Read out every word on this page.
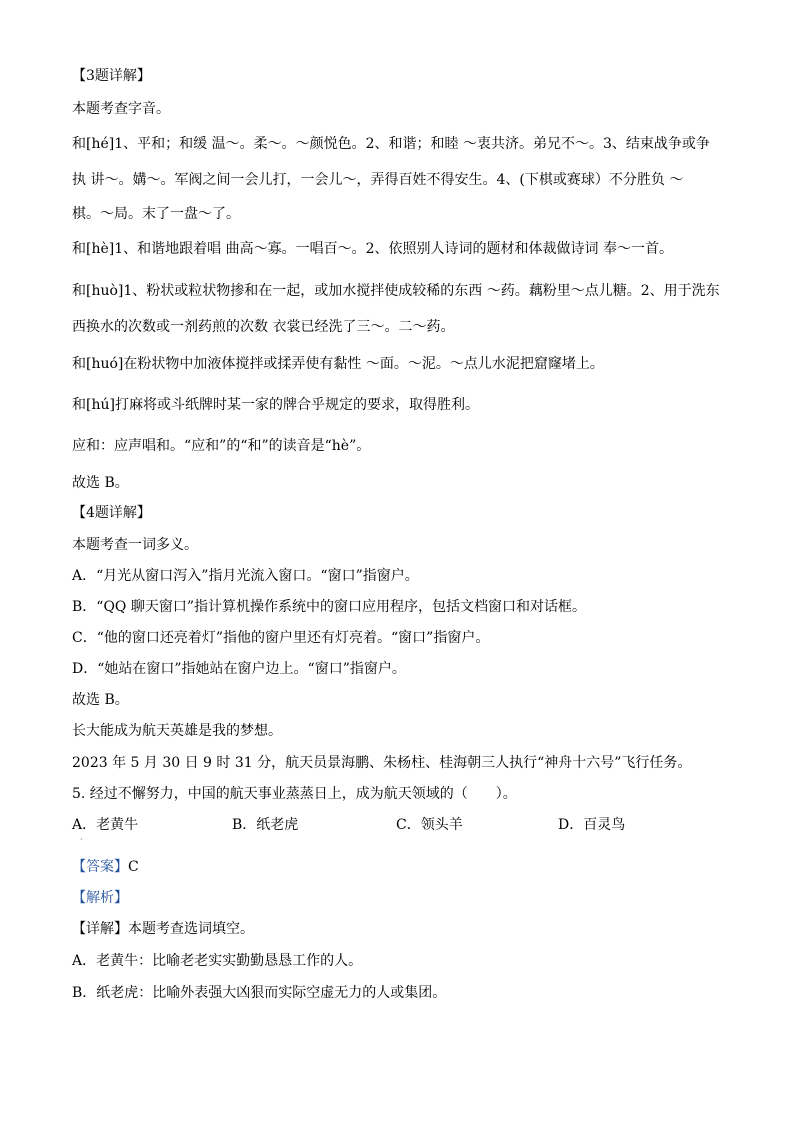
【3题详解】
本题考查字音。
和[hé]1、平和；和缓 温～。柔～。～颜悦色。2、和谐；和睦 ～衷共济。弟兄不～。3、结束战争或争
执 讲～。媾～。军阀之间一会儿打，一会儿～，弄得百姓不得安生。4、(下棋或赛球）不分胜负 ～
棋。～局。末了一盘～了。
和[hè]1、和谐地跟着唱 曲高～寡。一唱百～。2、依照别人诗词的题材和体裁做诗词 奉～一首。
和[huò]1、粉状或粒状物掺和在一起，或加水搅拌使成较稀的东西 ～药。藕粉里～点儿糖。2、用于洗东
西换水的次数或一剂药煎的次数 衣裳已经洗了三～。二～药。
和[huó]在粉状物中加液体搅拌或揉弄使有黏性 ～面。～泥。～点儿水泥把窟窿堵上。
和[hú]打麻将或斗纸牌时某一家的牌合乎规定的要求，取得胜利。
应和：应声唱和。“应和”的“和”的读音是“hè”。
故选 B。
【4题详解】
本题考查一词多义。
A．“月光从窗口泻入”指月光流入窗口。“窗口”指窗户。
B．“QQ 聊天窗口”指计算机操作系统中的窗口应用程序，包括文档窗口和对话框。
C．“他的窗口还亮着灯”指他的窗户里还有灯亮着。“窗口”指窗户。
D．“她站在窗口”指她站在窗户边上。“窗口”指窗户。
故选 B。
长大能成为航天英雄是我的梦想。
2023 年 5 月 30 日 9 时 31 分，航天员景海鹏、朱杨柱、桂海朝三人执行“神舟十六号”飞行任务。
5. 经过不懈努力，中国的航天事业蒸蒸日上，成为航天领域的（　　）。
A．老黄牛	B．纸老虎	C．领头羊	D．百灵鸟
·
【答案】C
【解析】
【详解】本题考查选词填空。
A．老黄牛：比喻老老实实勤勤恳恳工作的人。
B．纸老虎：比喻外表强大凶狠而实际空虚无力的人或集团。
